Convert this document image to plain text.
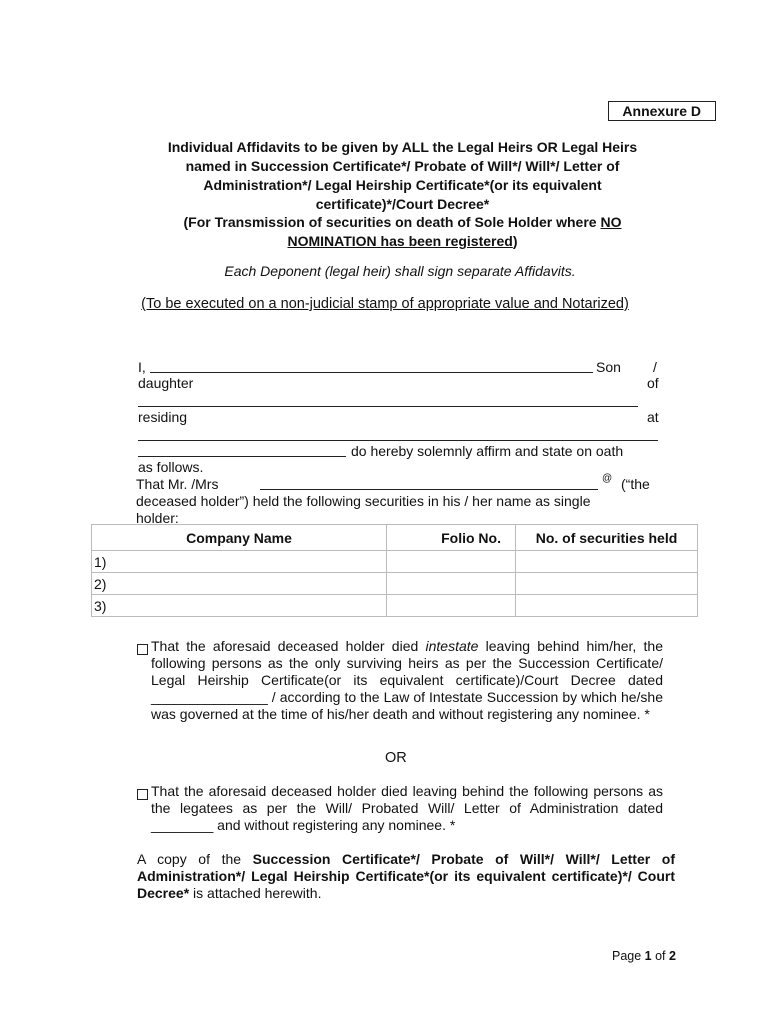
Annexure D
Individual Affidavits to be given by ALL the Legal Heirs OR Legal Heirs
named in Succession Certificate*/ Probate of Will*/ Will*/ Letter of
Administration*/ Legal Heirship Certificate*(or its equivalent
certificate)*/Court Decree*
(For Transmission of securities on death of Sole Holder where NO
NOMINATION has been registered)
Each Deponent (legal heir) shall sign separate Affidavits.
(To be executed on a non-judicial stamp of appropriate value and Notarized)
I,	Son /
daughter	of
residing	at
do hereby solemnly affirm and state on oath
as follows.
That Mr. /Mrs	@ (“the
deceased holder”) held the following securities in his / her name as single
holder:
Company Name	Folio No.	No. of securities held
1)		
2)		
3)		
That the aforesaid deceased holder died intestate leaving behind him/her, the following persons as the only surviving heirs as per the Succession Certificate/ Legal Heirship Certificate(or its equivalent certificate)/Court Decree dated _______________ / according to the Law of Intestate Succession by which he/she was governed at the time of his/her death and without registering any nominee. *
OR
That the aforesaid deceased holder died leaving behind the following persons as the legatees as per the Will/ Probated Will/ Letter of Administration dated ________ and without registering any nominee. *
A copy of the Succession Certificate*/ Probate of Will*/ Will*/ Letter of Administration*/ Legal Heirship Certificate*(or its equivalent certificate)*/ Court Decree* is attached herewith.
Page 1 of 2
